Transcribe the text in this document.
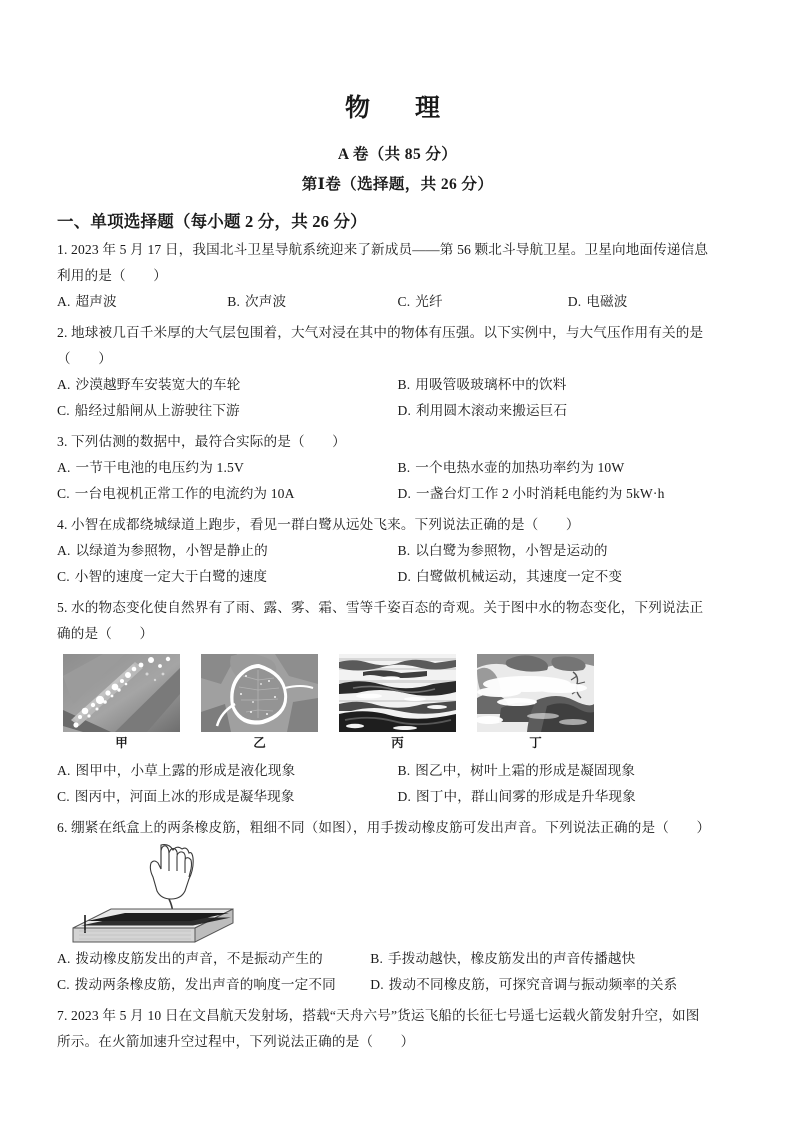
物　理
A 卷（共 85 分）
第Ⅰ卷（选择题，共 26 分）
一、单项选择题（每小题 2 分，共 26 分）
1. 2023 年 5 月 17 日，我国北斗卫星导航系统迎来了新成员——第 56 颗北斗导航卫星。卫星向地面传递信息
利用的是（　　）
A. 超声波	B. 次声波	C. 光纤	D. 电磁波
2. 地球被几百千米厚的大气层包围着，大气对浸在其中的物体有压强。以下实例中，与大气压作用有关的是
（　　）
A. 沙漠越野车安装宽大的车轮	B. 用吸管吸玻璃杯中的饮料
C. 船经过船闸从上游驶往下游	D. 利用圆木滚动来搬运巨石
3. 下列估测的数据中，最符合实际的是（　　）
A. 一节干电池的电压约为 1.5V	B. 一个电热水壶的加热功率约为 10W
C. 一台电视机正常工作的电流约为 10A	D. 一盏台灯工作 2 小时消耗电能约为 5kW·h
4. 小智在成都绕城绿道上跑步，看见一群白鹭从远处飞来。下列说法正确的是（　　）
A. 以绿道为参照物，小智是静止的	B. 以白鹭为参照物，小智是运动的
C. 小智的速度一定大于白鹭的速度	D. 白鹭做机械运动，其速度一定不变
5. 水的物态变化使自然界有了雨、露、雾、霜、雪等千姿百态的奇观。关于图中水的物态变化，下列说法正
确的是（　　）
甲	乙	丙	丁
A. 图甲中，小草上露的形成是液化现象	B. 图乙中，树叶上霜的形成是凝固现象
C. 图丙中，河面上冰的形成是凝华现象	D. 图丁中，群山间雾的形成是升华现象
6. 绷紧在纸盒上的两条橡皮筋，粗细不同（如图），用手拨动橡皮筋可发出声音。下列说法正确的是（　　）
A. 拨动橡皮筋发出的声音，不是振动产生的	B. 手拨动越快，橡皮筋发出的声音传播越快
C. 拨动两条橡皮筋，发出声音的响度一定不同	D. 拨动不同橡皮筋，可探究音调与振动频率的关系
7. 2023 年 5 月 10 日在文昌航天发射场，搭载“天舟六号”货运飞船的长征七号遥七运载火箭发射升空，如图
所示。在火箭加速升空过程中，下列说法正确的是（　　）
